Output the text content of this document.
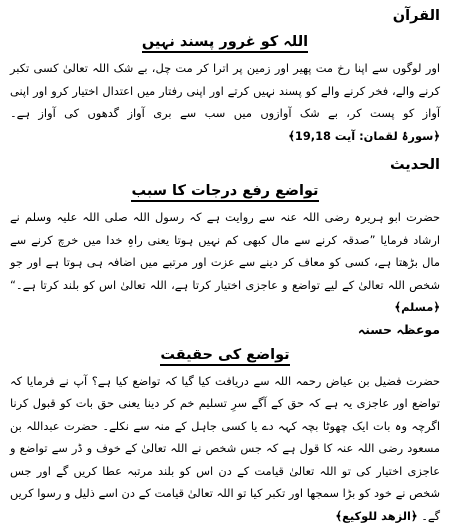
القرآن
اللہ کو غرور پسند نہیں

اور لوگوں سے اپنا رخ مت پھیر اور زمین پر اترا کر مت چل، بے شک اللہ تعالیٰ کسی تکبر کرنے والے، فخر کرنے والے کو پسند نہیں کرتے اور اپنی رفتار میں اعتدال اختیار کرو اور اپنی آواز کو پست کر، بے شک آوازوں میں سب سے بری آواز گدھوں کی آواز ہے۔ ﴿سورۂ لقمان: آیت 19,18﴾

الحدیث
تواضع رفع درجات کا سبب

حضرت ابو ہریرہ رضی اللہ عنہ سے روایت ہے کہ رسول اللہ صلی اللہ علیہ وسلم نے ارشاد فرمایا ”صدقہ کرنے سے مال کبھی کم نہیں ہوتا یعنی راہِ خدا میں خرچ کرنے سے مال بڑھتا ہے، کسی کو معاف کر دینے سے عزت اور مرتبے میں اضافہ ہی ہوتا ہے اور جو شخص اللہ تعالیٰ کے لیے تواضع و عاجزی اختیار کرتا ہے، اللہ تعالیٰ اس کو بلند کرتا ہے۔“ ﴿مسلم﴾

موعظہ حسنہ
تواضع کی حقیقت

حضرت فضیل بن عیاض رحمہ اللہ سے دریافت کیا گیا کہ تواضع کیا ہے؟ آپ نے فرمایا کہ تواضع اور عاجزی یہ ہے کہ حق کے آگے سرِ تسلیم خم کر دینا یعنی حق بات کو قبول کرنا اگرچہ وہ بات ایک چھوٹا بچہ کہہ دے یا کسی جاہل کے منہ سے نکلے۔ حضرت عبداللہ بن مسعود رضی اللہ عنہ کا قول ہے کہ جس شخص نے اللہ تعالیٰ کے خوف و ڈر سے تواضع و عاجزی اختیار کی تو اللہ تعالیٰ قیامت کے دن اس کو بلند مرتبہ عطا کریں گے اور جس شخص نے خود کو بڑا سمجھا اور تکبر کیا تو اللہ تعالیٰ قیامت کے دن اسے ذلیل و رسوا کریں گے۔ ﴿الزھد للوکیع﴾
